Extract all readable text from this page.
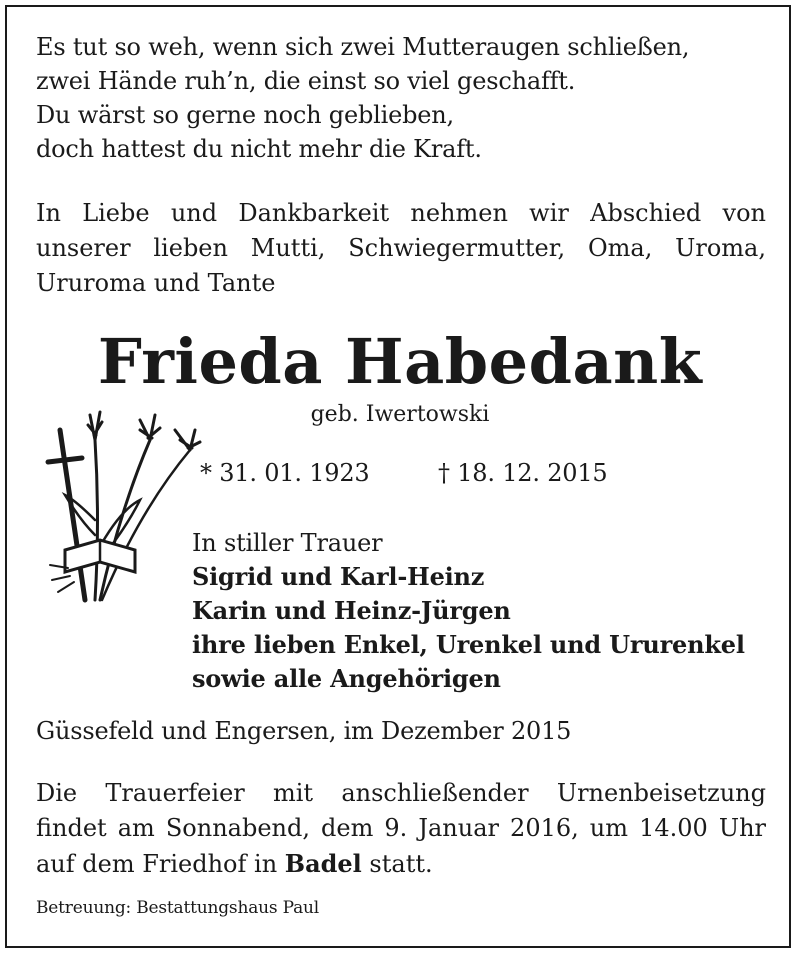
Es tut so weh, wenn sich zwei Mutteraugen schließen,
zwei Hände ruh’n, die einst so viel geschafft.
Du wärst so gerne noch geblieben,
doch hattest du nicht mehr die Kraft.
In Liebe und Dankbarkeit nehmen wir Abschied von
unserer lieben Mutti, Schwiegermutter, Oma, Uroma,
Ururoma und Tante
Frieda Habedank
geb. Iwertowski
* 31. 01. 1923	† 18. 12. 2015
In stiller Trauer
Sigrid und Karl-Heinz
Karin und Heinz-Jürgen
ihre lieben Enkel, Urenkel und Ururenkel
sowie alle Angehörigen
Güssefeld und Engersen, im Dezember 2015
Die Trauerfeier mit anschließender Urnenbeisetzung
findet am Sonnabend, dem 9. Januar 2016, um 14.00 Uhr
auf dem Friedhof in Badel statt.
Betreuung: Bestattungshaus Paul
